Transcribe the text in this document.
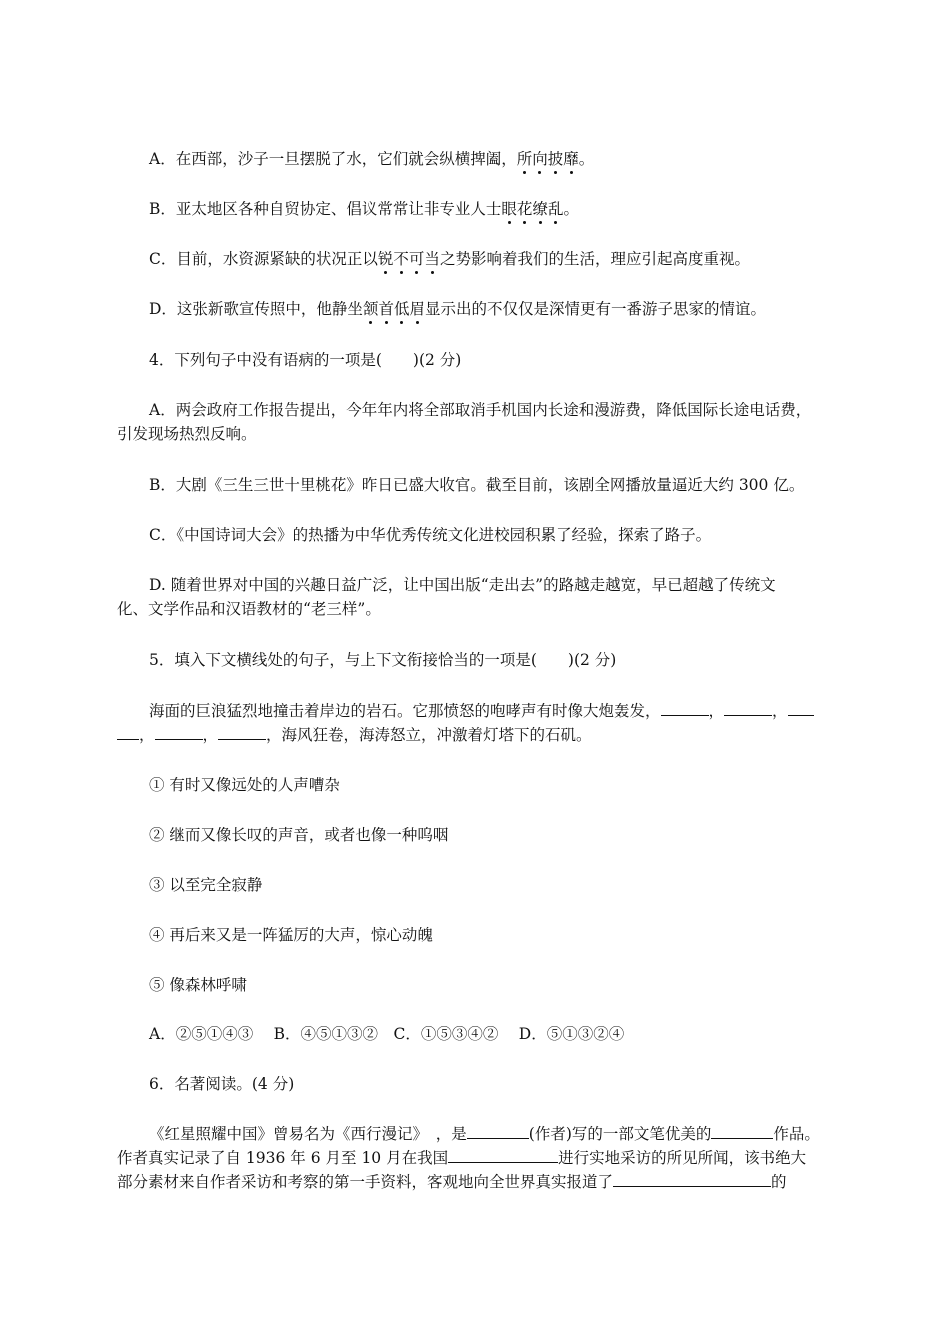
A．在西部，沙子一旦摆脱了水，它们就会纵横捭阖，所向披靡。
B．亚太地区各种自贸协定、倡议常常让非专业人士眼花缭乱。
C．目前，水资源紧缺的状况正以锐不可当之势影响着我们的生活，理应引起高度重视。
D．这张新歌宣传照中，他静坐颔首低眉显示出的不仅仅是深情更有一番游子思家的情谊。
4．下列句子中没有语病的一项是(　　)(2 分)
A．两会政府工作报告提出，今年年内将全部取消手机国内长途和漫游费，降低国际长途电话费，
引发现场热烈反响。
B．大剧《三生三世十里桃花》昨日已盛大收官。截至目前，该剧全网播放量逼近大约 300 亿。
C．《中国诗词大会》的热播为中华优秀传统文化进校园积累了经验，探索了路子。
D. 随着世界对中国的兴趣日益广泛，让中国出版“走出去”的路越走越宽，早已超越了传统文
化、文学作品和汉语教材的“老三样”。
5．填入下文横线处的句子，与上下文衔接恰当的一项是(　　)(2 分)
海面的巨浪猛烈地撞击着岸边的岩石。它那愤怒的咆哮声有时像大炮轰发，	，	，
，	，	，海风狂卷，海涛怒立，冲激着灯塔下的石矶。
① 有时又像远处的人声嘈杂
② 继而又像长叹的声音，或者也像一种呜咽
③ 以至完全寂静
④ 再后来又是一阵猛厉的大声，惊心动魄
⑤ 像森林呼啸
A．②⑤①④③　 B．④⑤①③②　C．①⑤③④②　 D．⑤①③②④
6．名著阅读。(4 分)
《红星照耀中国》曾易名为《西行漫记》　，是	(作者)写的一部文笔优美的	作品。
作者真实记录了自 1936 年 6 月至 10 月在我国	进行实地采访的所见所闻，该书绝大
部分素材来自作者采访和考察的第一手资料，客观地向全世界真实报道了	的
